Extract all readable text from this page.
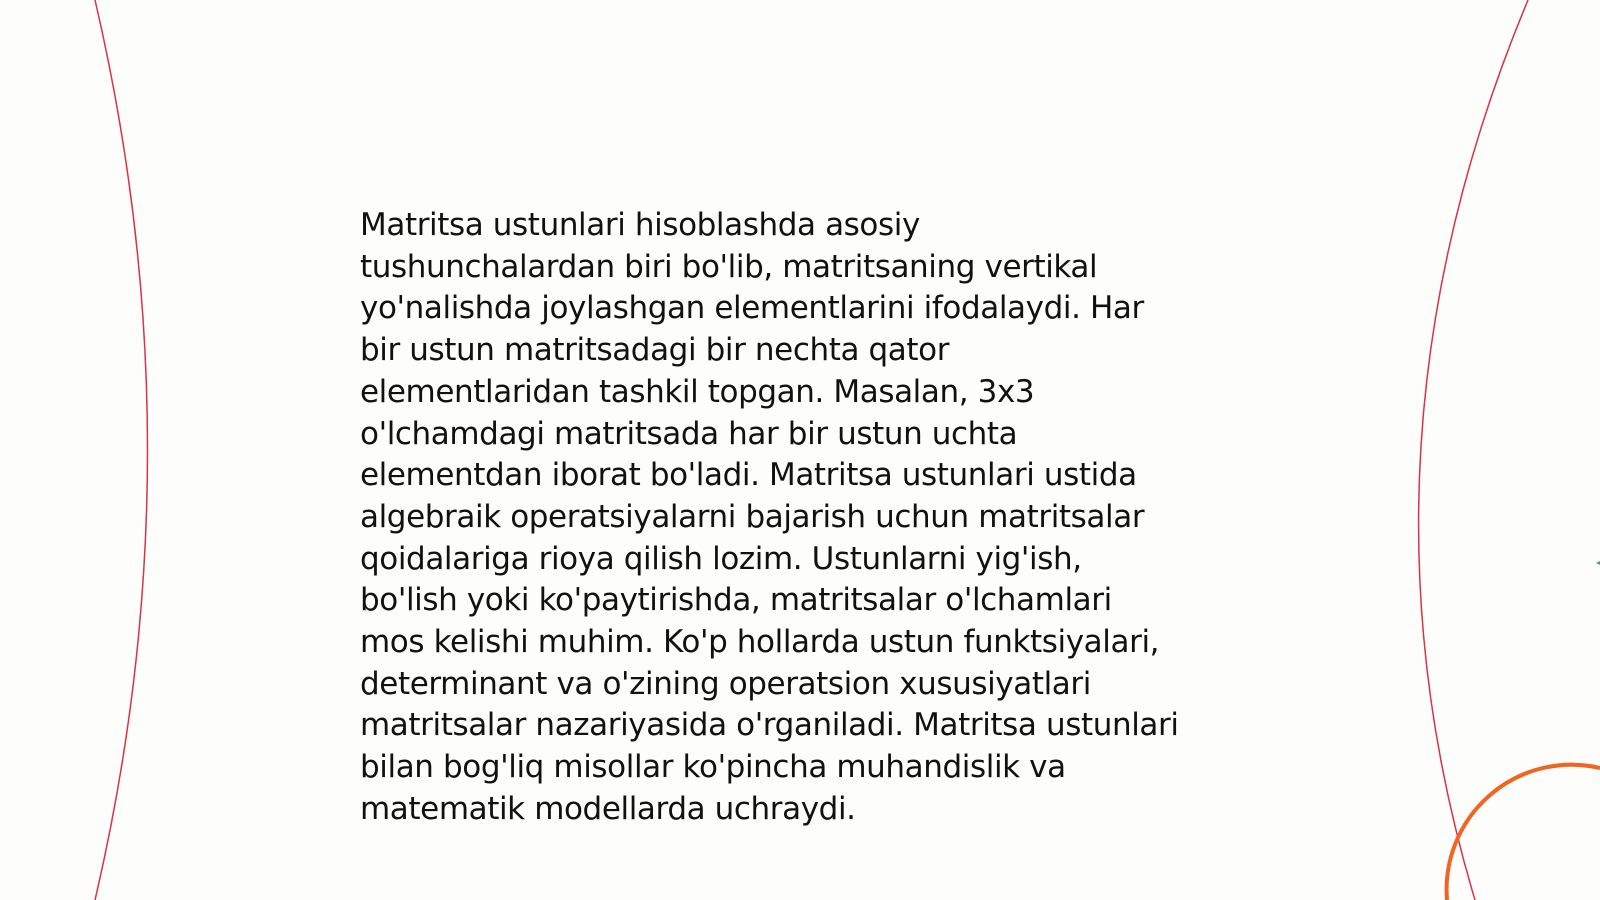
Matritsa ustunlari hisoblashda asosiy
tushunchalardan biri bo'lib, matritsaning vertikal
yo'nalishda joylashgan elementlarini ifodalaydi. Har
bir ustun matritsadagi bir nechta qator
elementlaridan tashkil topgan. Masalan, 3x3
o'lchamdagi matritsada har bir ustun uchta
elementdan iborat bo'ladi. Matritsa ustunlari ustida
algebraik operatsiyalarni bajarish uchun matritsalar
qoidalariga rioya qilish lozim. Ustunlarni yig'ish,
bo'lish yoki ko'paytirishda, matritsalar o'lchamlari
mos kelishi muhim. Ko'p hollarda ustun funktsiyalari,
determinant va o'zining operatsion xususiyatlari
matritsalar nazariyasida o'rganiladi. Matritsa ustunlari
bilan bog'liq misollar ko'pincha muhandislik va
matematik modellarda uchraydi.
